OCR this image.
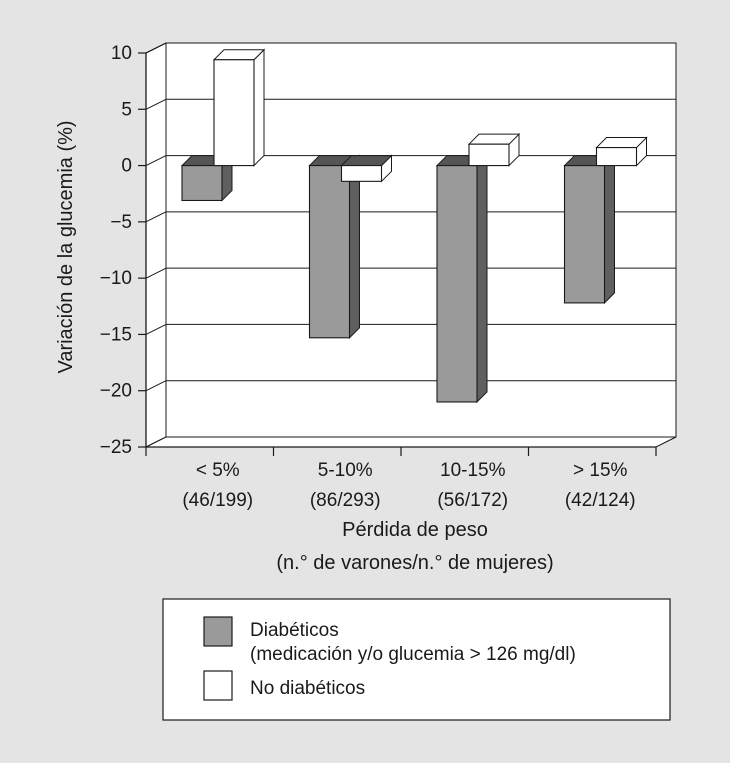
10
5
0
−5
−10
−15
−20
−25
< 5%
(46/199)
5-10%
(86/293)
10-15%
(56/172)
> 15%
(42/124)
Variación de la glucemia (%)
Pérdida de peso
(n.° de varones/n.° de mujeres)
Diabéticos
(medicación y/o glucemia > 126 mg/dl)
No diabéticos
